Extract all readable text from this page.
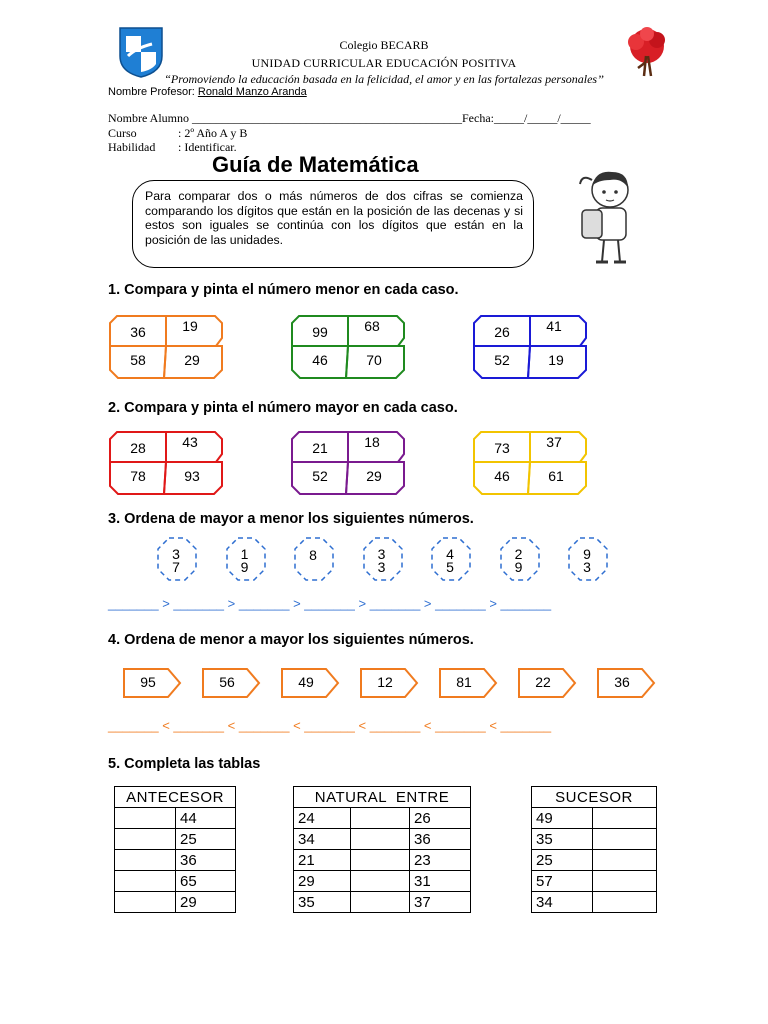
Colegio BECARB
UNIDAD CURRICULAR EDUCACIÓN POSITIVA
“Promoviendo la educación basada en la felicidad, el amor y en las fortalezas personales’’
Nombre Profesor: Ronald Manzo Aranda
Nombre Alumno _____________________________________________Fecha:_____/_____/_____
Curso	: 2º Año A y B
Habilidad : Identificar.
Guía de Matemática

Para comparar dos o más números de dos cifras se comienza comparando los dígitos que están en la posición de las decenas y si estos son iguales se continúa con los dígitos que están en la posición de las unidades.

1. Compara y pinta el número menor en cada caso.
36	19
58	29
99	68
46	70
26	41
52	19
2. Compara y pinta el número mayor en cada caso.
28	43
78	93
21	18
52	29
73	37
46	61
3. Ordena de mayor a menor los siguientes números.
3
7
1
9
8	3
3
4
5
2
9
9
3
_______ > _______ > _______ > _______ > _______ > _______ > _______
4. Ordena de menor a mayor los siguientes números.
95	56	49	12	81	22	36
_______ < _______ < _______ < _______ < _______ < _______ < _______
5. Completa las tablas
ANTECESOR	
	44
	25
	36
	65
	29
NATURAL  ENTRE		
24		26
34		36
21		23
29		31
35		37
SUCESOR	
49	
35	
25	
57	
34	
